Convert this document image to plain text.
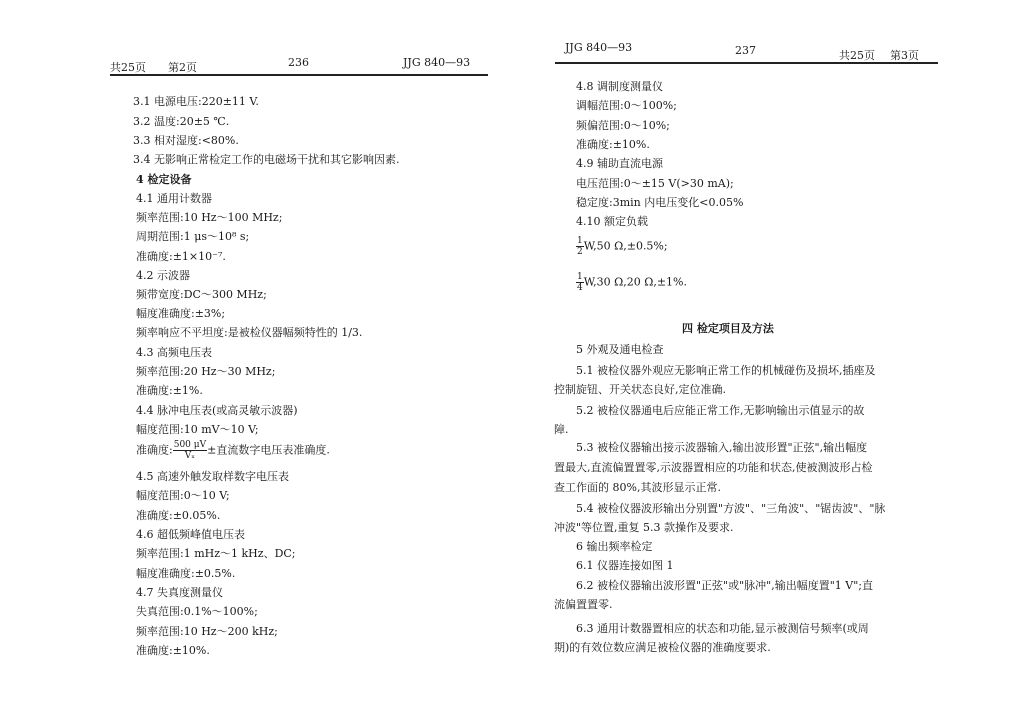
共25页 第2页	236	JJG 840—93
3.1 电源电压:220±11 V.
3.2 温度:20±5 ℃.
3.3 相对湿度:<80%.
3.4 无影响正常检定工作的电磁场干扰和其它影响因素.
4 检定设备
4.1 通用计数器
频率范围:10 Hz～100 MHz;
周期范围:1 μs～10⁸ s;
准确度:±1×10⁻⁷.
4.2 示波器
频带宽度:DC～300 MHz;
幅度准确度:±3%;
频率响应不平坦度:是被检仪器幅频特性的 1/3.
4.3 高频电压表
频率范围:20 Hz～30 MHz;
准确度:±1%.
4.4 脉冲电压表(或高灵敏示波器)
幅度范围:10 mV～10 V;
准确度: $\frac{500 \mu V}{\text{Vₓ}}$ ±直流数字电压表准确度.
4.5 高速外触发取样数字电压表
幅度范围:0～10 V;
准确度:±0.05%.
4.6 超低频峰值电压表
频率范围:1 mHz～1 kHz、DC;
幅度准确度:±0.5%.
4.7 失真度测量仪
失真范围:0.1%～100%;
频率范围:10 Hz～200 kHz;
准确度:±10%.
JJG 840—93	237	共25页 第3页
4.8 调制度测量仪
调幅范围:0～100%;
频偏范围:0～10%;
准确度:±10%.
4.9 辅助直流电源
电压范围:0～±15 V(>30 mA);
稳定度:3min 内电压变化<0.05%
4.10 额定负载
$\frac{1}{2} W,50$ Ω,±0.5%;
$\frac{1}{4} W,30$ Ω,20 Ω,±1%.
四 检定项目及方法
5 外观及通电检查
5.1 被检仪器外观应无影响正常工作的机械碰伤及损坏,插座及
控制旋钮、开关状态良好,定位准确.
5.2 被检仪器通电后应能正常工作,无影响输出示值显示的故
障.
5.3 被检仪器输出接示波器输入,输出波形置"正弦",输出幅度
置最大,直流偏置置零,示波器置相应的功能和状态,使被测波形占检
查工作面的 80%,其波形显示正常.
5.4 被检仪器波形输出分别置"方波"、"三角波"、"锯齿波"、"脉
冲波"等位置,重复 5.3 款操作及要求.
6 输出频率检定
6.1 仪器连接如图 1
6.2 被检仪器输出波形置"正弦"或"脉冲",输出幅度置"1 V";直
流偏置置零.
6.3 通用计数器置相应的状态和功能,显示被测信号频率(或周
期)的有效位数应满足被检仪器的准确度要求.
